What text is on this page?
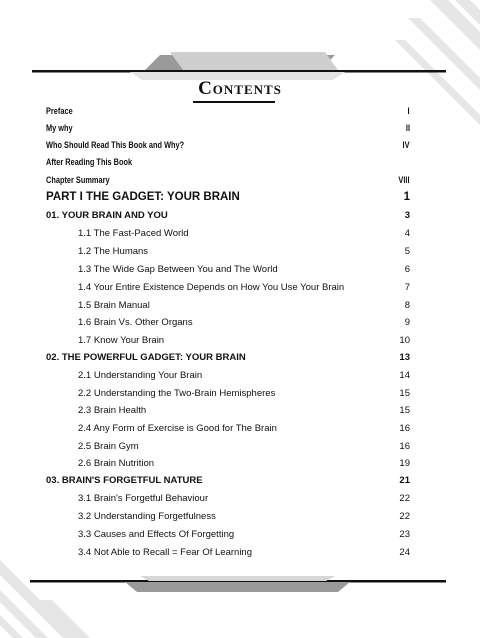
Contents
Preface	I
My why	II
Who Should Read This Book and Why?	IV
After Reading This Book
Chapter Summary	VIII
PART I THE GADGET: YOUR BRAIN	1
01. YOUR BRAIN AND YOU	3
1.1 The Fast-Paced World	4
1.2 The Humans	5
1.3 The Wide Gap Between You and The World	6
1.4 Your Entire Existence Depends on How You Use Your Brain	7
1.5 Brain Manual	8
1.6 Brain Vs. Other Organs	9
1.7 Know Your Brain	10
02. THE POWERFUL GADGET: YOUR BRAIN	13
2.1 Understanding Your Brain	14
2.2 Understanding the Two-Brain Hemispheres	15
2.3 Brain Health	15
2.4 Any Form of Exercise is Good for The Brain	16
2.5 Brain Gym	16
2.6 Brain Nutrition	19
03. BRAIN'S FORGETFUL NATURE	21
3.1 Brain's Forgetful Behaviour	22
3.2 Understanding Forgetfulness	22
3.3 Causes and Effects Of Forgetting	23
3.4 Not Able to Recall = Fear Of Learning	24
